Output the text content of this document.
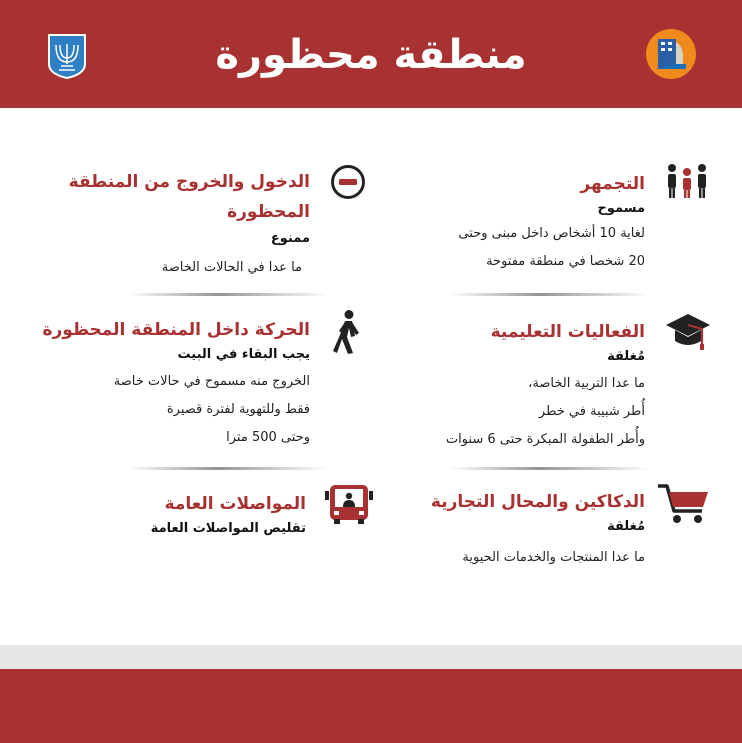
منطقة محظورة
الدخول والخروج من المنطقة
المحظورة
ممنوع
ما عدا في الحالات الخاصة
الحركة داخل المنطقة المحظورة
يجب البقاء في البيت
الخروج منه مسموح في حالات خاصة
فقط وللتهوية لفترة قصيرة
وحتى 500 مترا
المواصلات العامة
تقليص المواصلات العامة
التجمهر
مسموح
لغاية 10 أشخاص داخل مبنى وحتى
20 شخصا في منطقة مفتوحة
الفعاليات التعليمية
مُغلقة
ما عدا التربية الخاصة،
أُطر شبيبة في خطر
وأُطر الطفولة المبكرة حتى 6 سنوات
الدكاكين والمحال التجارية
مُغلقة
ما عدا المنتجات والخدمات الحيوية
